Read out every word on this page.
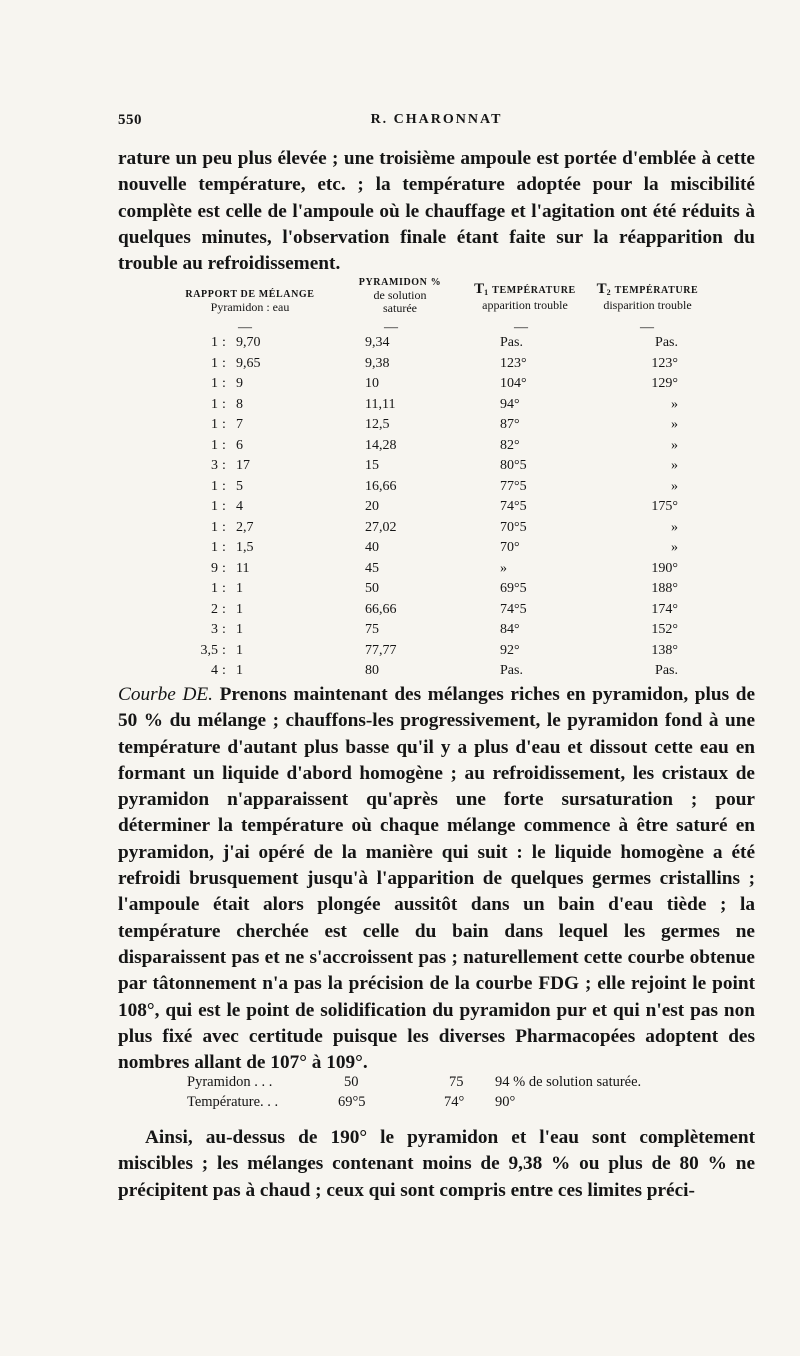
550	R. CHARONNAT

rature un peu plus élevée ; une troisième ampoule est portée d'emblée à cette nouvelle température, etc. ; la température adoptée pour la miscibilité complète est celle de l'ampoule où le chauffage et l'agitation ont été réduits à quelques minutes, l'observation finale étant faite sur la réapparition du trouble au refroidissement.

RAPPORT DE MÉLANGE
Pyramidon : eau
PYRAMIDON %
de solution
saturée
$T_1$ TEMPÉRATURE
apparition trouble
$T_2$ TEMPÉRATURE
disparition trouble
—	—	—	—
1 : 9,70	9,34	Pas.	Pas.
1 : 9,65	9,38	123°	123°
1 : 9	10	104°	129°
1 : 8	11,11	94°	»
1 : 7	12,5	87°	»
1 : 6	14,28	82°	»
3 : 17	15	80°5	»
1 : 5	16,66	77°5	»
1 : 4	20	74°5	175°
1 : 2,7	27,02	70°5	»
1 : 1,5	40	70°	»
9 : 11	45	»	190°
1 : 1	50	69°5	188°
2 : 1	66,66	74°5	174°
3 : 1	75	84°	152°
3,5 : 1	77,77	92°	138°
4 : 1	80	Pas.	Pas.

Courbe DE. Prenons maintenant des mélanges riches en pyramidon, plus de 50 % du mélange ; chauffons-les progressivement, le pyramidon fond à une température d'autant plus basse qu'il y a plus d'eau et dissout cette eau en formant un liquide d'abord homogène ; au refroidissement, les cristaux de pyramidon n'apparaissent qu'après une forte sursaturation ; pour déterminer la température où chaque mélange commence à être saturé en pyramidon, j'ai opéré de la manière qui suit : le liquide homogène a été refroidi brusquement jusqu'à l'apparition de quelques germes cristallins ; l'ampoule était alors plongée aussitôt dans un bain d'eau tiède ; la température cherchée est celle du bain dans lequel les germes ne disparaissent pas et ne s'accroissent pas ; naturellement cette courbe obtenue par tâtonnement n'a pas la précision de la courbe FDG ; elle rejoint le point 108°, qui est le point de solidification du pyramidon pur et qui n'est pas non plus fixé avec certitude puisque les diverses Pharmacopées adoptent des nombres allant de 107° à 109°.

Pyramidon . . .	50	75 94 % de solution saturée.
Température. . .	69°5	74° 90°

Ainsi, au-dessus de 190° le pyramidon et l'eau sont complètement miscibles ; les mélanges contenant moins de 9,38 % ou plus de 80 % ne précipitent pas à chaud ; ceux qui sont compris entre ces limites préci-
